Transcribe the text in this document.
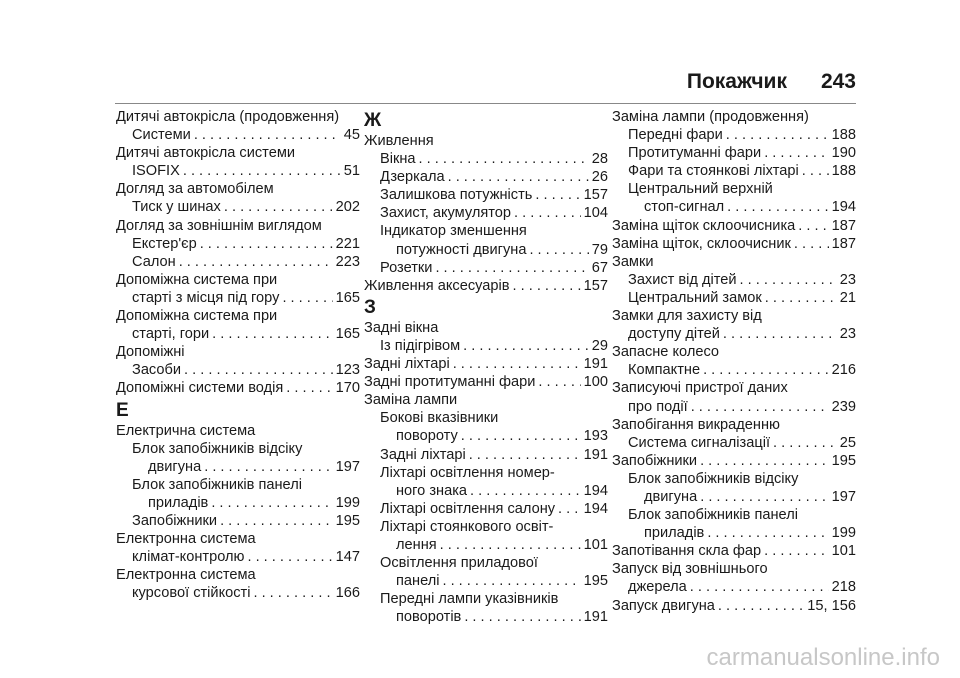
Покажчик 243
Дитячі автокрісла (продовження)
Системи . . .	45
Дитячі автокрісла системи
ISOFIX . . .	51
Догляд за автомобілем
Тиск у шинах . . .	202
Догляд за зовнішнім виглядом
Екстер'єр . . .	221
Салон . . .	223
Допоміжна система при
старті з місця під гору . . .	165
Допоміжна система при
старті, гори . . .	165
Допоміжні
Засоби . . .	123
Допоміжні системи водія . . .	170
Е
Електрична система
Блок запобіжників відсіку
двигуна . . .	197
Блок запобіжників панелі
приладів . . .	199
Запобіжники . . .	195
Електронна система
клімат-контролю . . .	147
Електронна система
курсової стійкості . . .	166
Ж
Живлення
Вікна . . .	28
Дзеркала . . .	26
Залишкова потужність . . .	157
Захист, акумулятор . . .	104
Індикатор зменшення
потужності двигуна . . .	79
Розетки . . .	67
Живлення аксесуарів . . .	157
З
Задні вікна
Із підігрівом . . .	29
Задні ліхтарі . . .	191
Задні протитуманні фари . . .	100
Заміна лампи
Бокові вказівники
повороту . . .	193
Задні ліхтарі . . .	191
Ліхтарі освітлення номер-
ного знака . . .	194
Ліхтарі освітлення салону . . . 194
Ліхтарі стоянкового освіт-
лення . . .	101
Освітлення приладової
панелі . . .	195
Передні лампи указівників
поворотів . . .	191
Заміна лампи (продовження)
Передні фари . . .	188
Протитуманні фари . . .	190
Фари та стоянкові ліхтарі . . . 188
Центральний верхній
стоп-сигнал . . .	194
Заміна щіток склоочисника . . . 187
Заміна щіток, склоочисник . . .	187
Замки
Захист від дітей . . .	23
Центральний замок . . .	21
Замки для захисту від
доступу дітей . . .	23
Запасне колесо
Компактне . . .	216
Записуючі пристрої даних
про події . . .	239
Запобігання викраденню
Система сигналізації . . .	25
Запобіжники . . .	195
Блок запобіжників відсіку
двигуна . . .	197
Блок запобіжників панелі
приладів . . .	199
Запотівання скла фар . . .	101
Запуск від зовнішнього
джерела . . .	218
Запуск двигуна . . .	15, 156
carmanualsonline.info
